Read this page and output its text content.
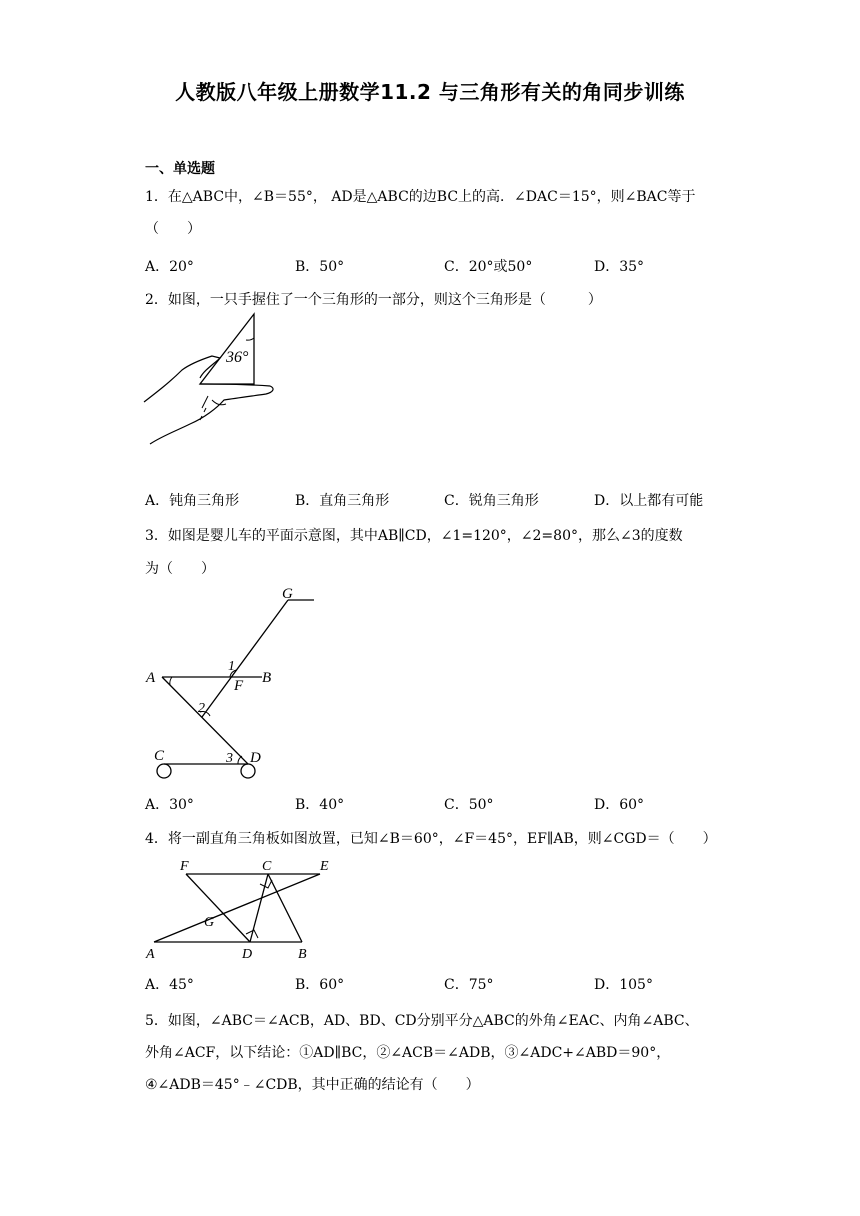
人教版八年级上册数学11.2 与三角形有关的角同步训练
一、单选题
1．在△ABC中，∠B＝55°， AD是△ABC的边BC上的高．∠DAC＝15°，则∠BAC等于
（　　）
A．20°	B．50°	C．20°或50°	D．35°
2．如图，一只手握住了一个三角形的一部分，则这个三角形是（　　　）
36°
A．钝角三角形	B．直角三角形	C．锐角三角形	D．以上都有可能
3．如图是婴儿车的平面示意图，其中AB∥CD，∠1=120°，∠2=80°，那么∠3的度数
为（　　）
G
A	B
F
1
2
3
C	D
A．30°	B．40°	C．50°	D．60°
4．将一副直角三角板如图放置，已知∠B＝60°，∠F＝45°，EF∥AB，则∠CGD＝（　　）
F	C	E
G
A	D	B
A．45°	B．60°	C．75°	D．105°
5．如图，∠ABC＝∠ACB，AD、BD、CD分别平分△ABC的外角∠EAC、内角∠ABC、
外角∠ACF，以下结论：①AD∥BC，②∠ACB＝∠ADB，③∠ADC+∠ABD＝90°，
④∠ADB＝45°﹣∠CDB，其中正确的结论有（　　）
